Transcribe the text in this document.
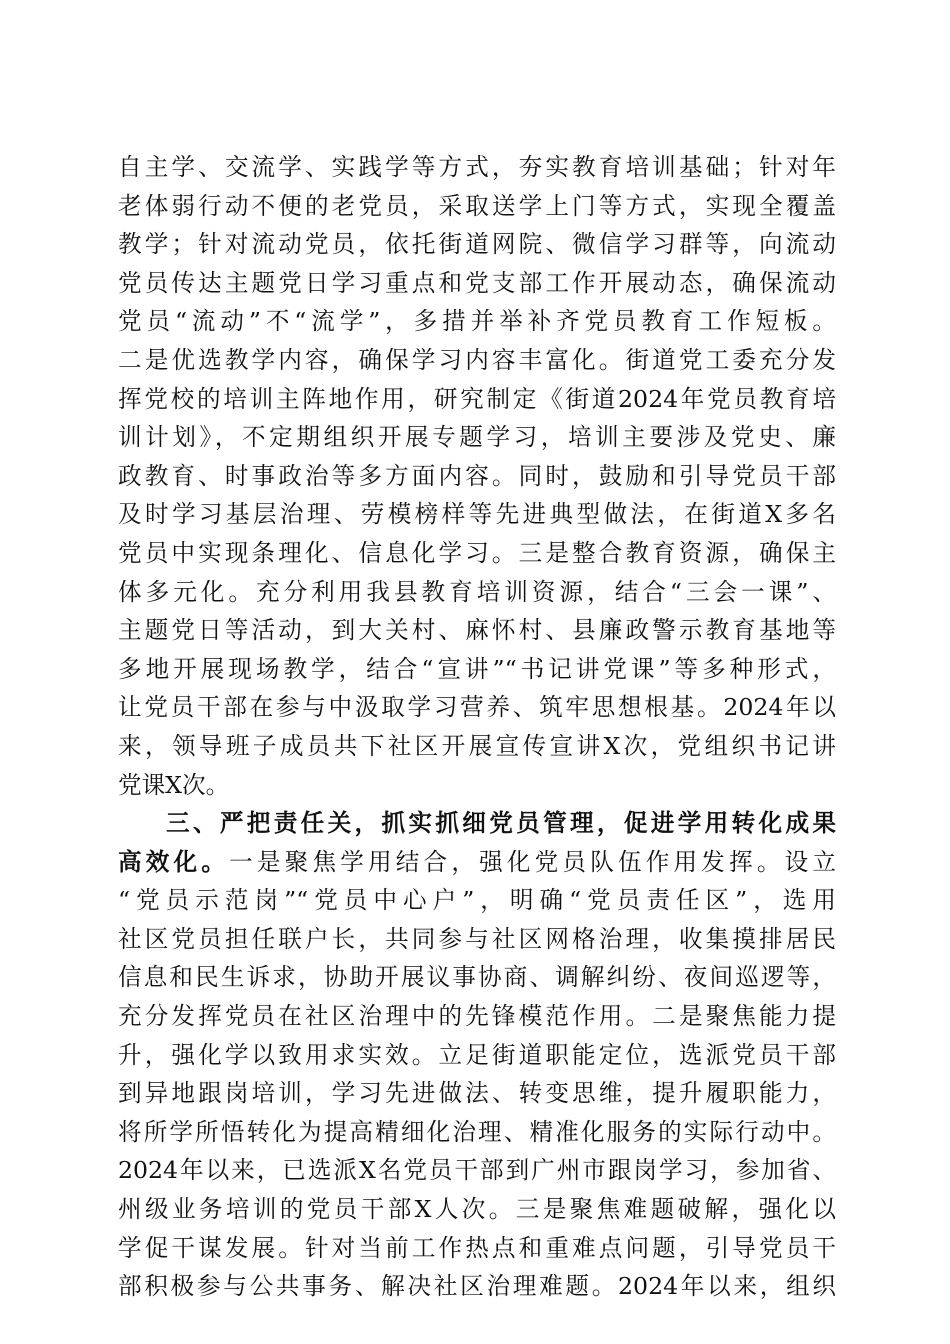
自主学、交流学、实践学等方式，夯实教育培训基础；针对年
老体弱行动不便的老党员，采取送学上门等方式，实现全覆盖
教学；针对流动党员，依托街道网院、微信学习群等，向流动
党员传达主题党日学习重点和党支部工作开展动态，确保流动
党员“流动”不“流学”，多措并举补齐党员教育工作短板。
二是优选教学内容，确保学习内容丰富化。街道党工委充分发
挥党校的培训主阵地作用，研究制定《街道2024年党员教育培
训计划》，不定期组织开展专题学习，培训主要涉及党史、廉
政教育、时事政治等多方面内容。同时，鼓励和引导党员干部
及时学习基层治理、劳模榜样等先进典型做法，在街道X多名
党员中实现条理化、信息化学习。三是整合教育资源，确保主
体多元化。充分利用我县教育培训资源，结合“三会一课”、
主题党日等活动，到大关村、麻怀村、县廉政警示教育基地等
多地开展现场教学，结合“宣讲”“书记讲党课”等多种形式，
让党员干部在参与中汲取学习营养、筑牢思想根基。2024年以
来，领导班子成员共下社区开展宣传宣讲X次，党组织书记讲
党课X次。
三、严把责任关，抓实抓细党员管理，促进学用转化成果
高效化。一是聚焦学用结合，强化党员队伍作用发挥。设立
“党员示范岗”“党员中心户”，明确“党员责任区”，选用
社区党员担任联户长，共同参与社区网格治理，收集摸排居民
信息和民生诉求，协助开展议事协商、调解纠纷、夜间巡逻等，
充分发挥党员在社区治理中的先锋模范作用。二是聚焦能力提
升，强化学以致用求实效。立足街道职能定位，选派党员干部
到异地跟岗培训，学习先进做法、转变思维，提升履职能力，
将所学所悟转化为提高精细化治理、精准化服务的实际行动中。
2024年以来，已选派X名党员干部到广州市跟岗学习，参加省、
州级业务培训的党员干部X人次。三是聚焦难题破解，强化以
学促干谋发展。针对当前工作热点和重难点问题，引导党员干
部积极参与公共事务、解决社区治理难题。2024年以来，组织
